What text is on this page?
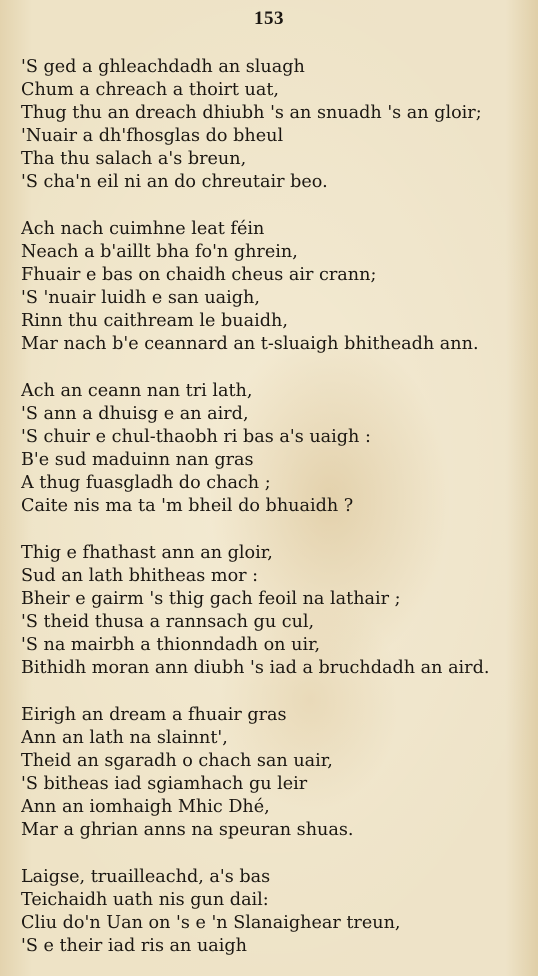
153
'S ged a ghleachdadh an sluagh
Chum a chreach a thoirt uat,
Thug thu an dreach dhiubh 's an snuadh 's an gloir;
'Nuair a dh'fhosglas do bheul
Tha thu salach a's breun,
'S cha'n eil ni an do chreutair beo.
Ach nach cuimhne leat féin
Neach a b'aillt bha fo'n ghrein,
Fhuair e bas on chaidh cheus air crann;
'S 'nuair luidh e san uaigh,
Rinn thu caithream le buaidh,
Mar nach b'e ceannard an t-sluaigh bhitheadh ann.
Ach an ceann nan tri lath,
'S ann a dhuisg e an aird,
'S chuir e chul-thaobh ri bas a's uaigh :
B'e sud maduinn nan gras
A thug fuasgladh do chach ;
Caite nis ma ta 'm bheil do bhuaidh ?
Thig e fhathast ann an gloir,
Sud an lath bhitheas mor :
Bheir e gairm 's thig gach feoil na lathair ;
'S theid thusa a rannsach gu cul,
'S na mairbh a thionndadh on uir,
Bithidh moran ann diubh 's iad a bruchdadh an aird.
Eirigh an dream a fhuair gras
Ann an lath na slainnt',
Theid an sgaradh o chach san uair,
'S bitheas iad sgiamhach gu leir
Ann an iomhaigh Mhic Dhé,
Mar a ghrian anns na speuran shuas.
Laigse, truailleachd, a's bas
Teichaidh uath nis gun dail:
Cliu do'n Uan on 's e 'n Slanaighear treun,
'S e their iad ris an uaigh
